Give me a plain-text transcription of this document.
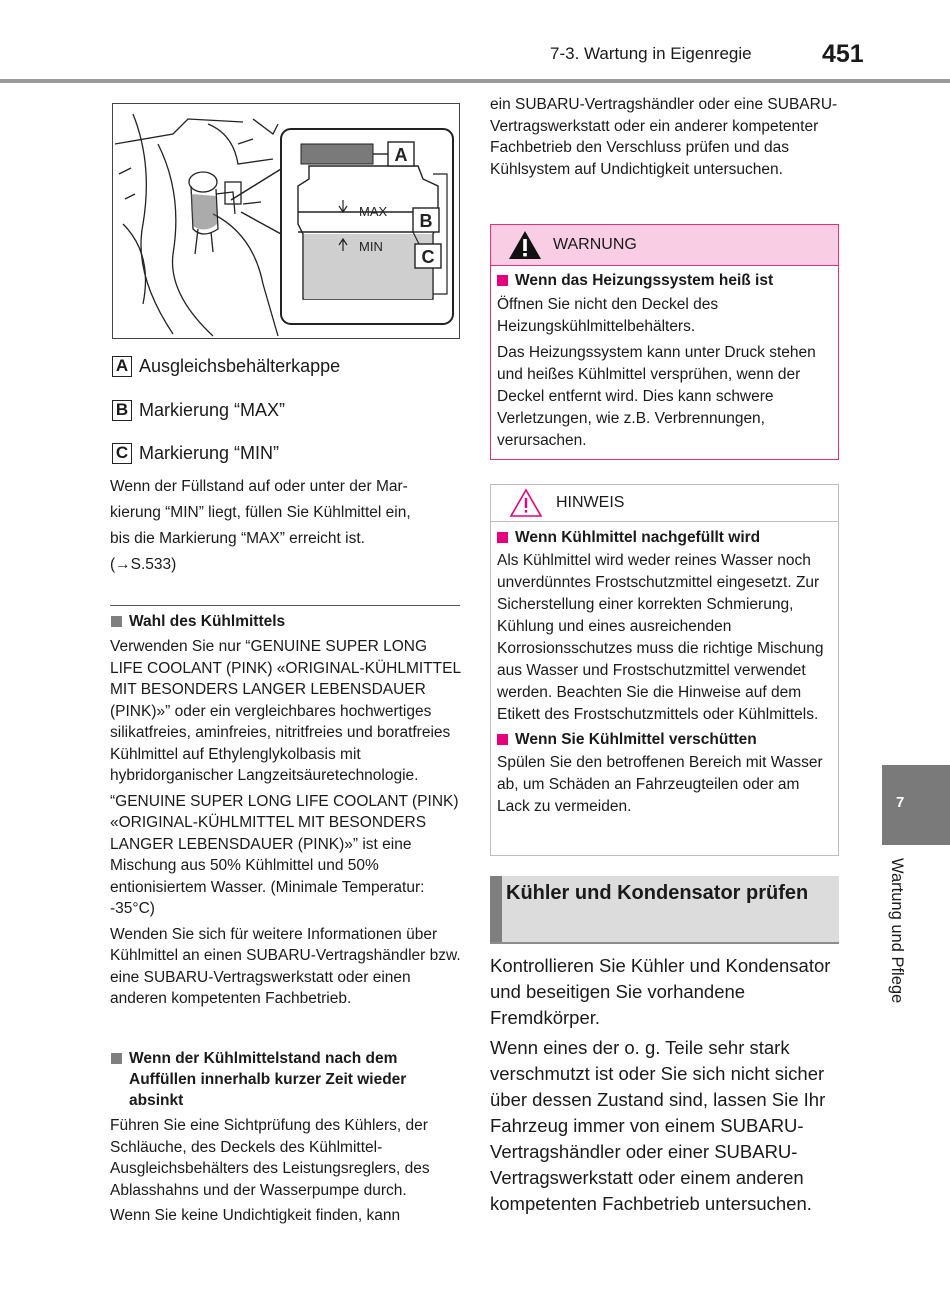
7-3. Wartung in Eigenregie	451
MAX
MIN
A
B
C
A Ausgleichsbehälterkappe
B Markierung “MAX”
C Markierung “MIN”
Wenn der Füllstand auf oder unter der Mar-
kierung “MIN” liegt, füllen Sie Kühlmittel ein,
bis die Markierung “MAX” erreicht ist.
(→S.533)
Wahl des Kühlmittels

Verwenden Sie nur “GENUINE SUPER LONG LIFE COOLANT (PINK) «ORIGINAL-KÜHLMITTEL MIT BESONDERS LANGER LEBENSDAUER (PINK)»” oder ein vergleichbares hochwertiges silikatfreies, aminfreies, nitritfreies und boratfreies Kühlmittel auf Ethylenglykolbasis mit hybridorganischer Langzeitsäuretechnologie.

“GENUINE SUPER LONG LIFE COOLANT (PINK) «ORIGINAL-KÜHLMITTEL MIT BESONDERS LANGER LEBENSDAUER (PINK)»” ist eine Mischung aus 50% Kühlmittel und 50% entionisiertem Wasser. (Minimale Temperatur: -35°C)

Wenden Sie sich für weitere Informationen über Kühlmittel an einen SUBARU-Vertragshändler bzw. eine SUBARU-Vertragswerkstatt oder einen anderen kompetenten Fachbetrieb.

Wenn der Kühlmittelstand nach dem Auffüllen innerhalb kurzer Zeit wieder absinkt

Führen Sie eine Sichtprüfung des Kühlers, der Schläuche, des Deckels des Kühlmittel-Ausgleichsbehälters des Leistungsreglers, des Ablasshahns und der Wasserpumpe durch.

Wenn Sie keine Undichtigkeit finden, kann

ein SUBARU-Vertragshändler oder eine SUBARU-Vertragswerkstatt oder ein anderer kompetenter Fachbetrieb den Verschluss prüfen und das Kühlsystem auf Undichtigkeit untersuchen.

WARNUNG
Wenn das Heizungssystem heiß ist

Öffnen Sie nicht den Deckel des Heizungskühlmittelbehälters.

Das Heizungssystem kann unter Druck stehen und heißes Kühlmittel versprühen, wenn der Deckel entfernt wird. Dies kann schwere Verletzungen, wie z.B. Verbrennungen, verursachen.

HINWEIS
Wenn Kühlmittel nachgefüllt wird

Als Kühlmittel wird weder reines Wasser noch unverdünntes Frostschutzmittel eingesetzt. Zur Sicherstellung einer korrekten Schmierung, Kühlung und eines ausreichenden Korrosionsschutzes muss die richtige Mischung aus Wasser und Frostschutzmittel verwendet werden. Beachten Sie die Hinweise auf dem Etikett des Frostschutzmittels oder Kühlmittels.

Wenn Sie Kühlmittel verschütten

Spülen Sie den betroffenen Bereich mit Wasser ab, um Schäden an Fahrzeugteilen oder am Lack zu vermeiden.

Kühler und Kondensator prüfen

Kontrollieren Sie Kühler und Kondensator und beseitigen Sie vorhandene Fremdkörper.

Wenn eines der o. g. Teile sehr stark verschmutzt ist oder Sie sich nicht sicher über dessen Zustand sind, lassen Sie Ihr Fahrzeug immer von einem SUBARU-Vertragshändler oder einer SUBARU-Vertragswerkstatt oder einem anderen kompetenten Fachbetrieb untersuchen.

7
Wartung und Pflege
